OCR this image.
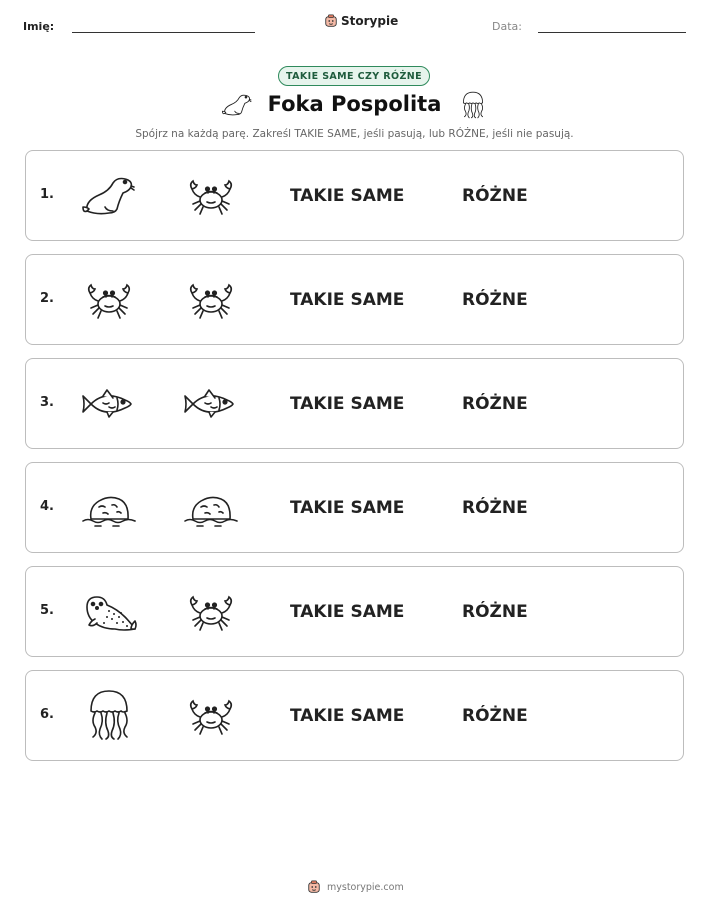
Imię:	Storypie	Data:
TAKIE SAME CZY RÓŻNE
Foka Pospolita
Spójrz na każdą parę. Zakreśl TAKIE SAME, jeśli pasują, lub RÓŻNE, jeśli nie pasują.
1.	TAKIE SAME	RÓŻNE
2.	TAKIE SAME	RÓŻNE
3.	TAKIE SAME	RÓŻNE
4.	TAKIE SAME	RÓŻNE
5.	TAKIE SAME	RÓŻNE
6.	TAKIE SAME	RÓŻNE
mystorypie.com
